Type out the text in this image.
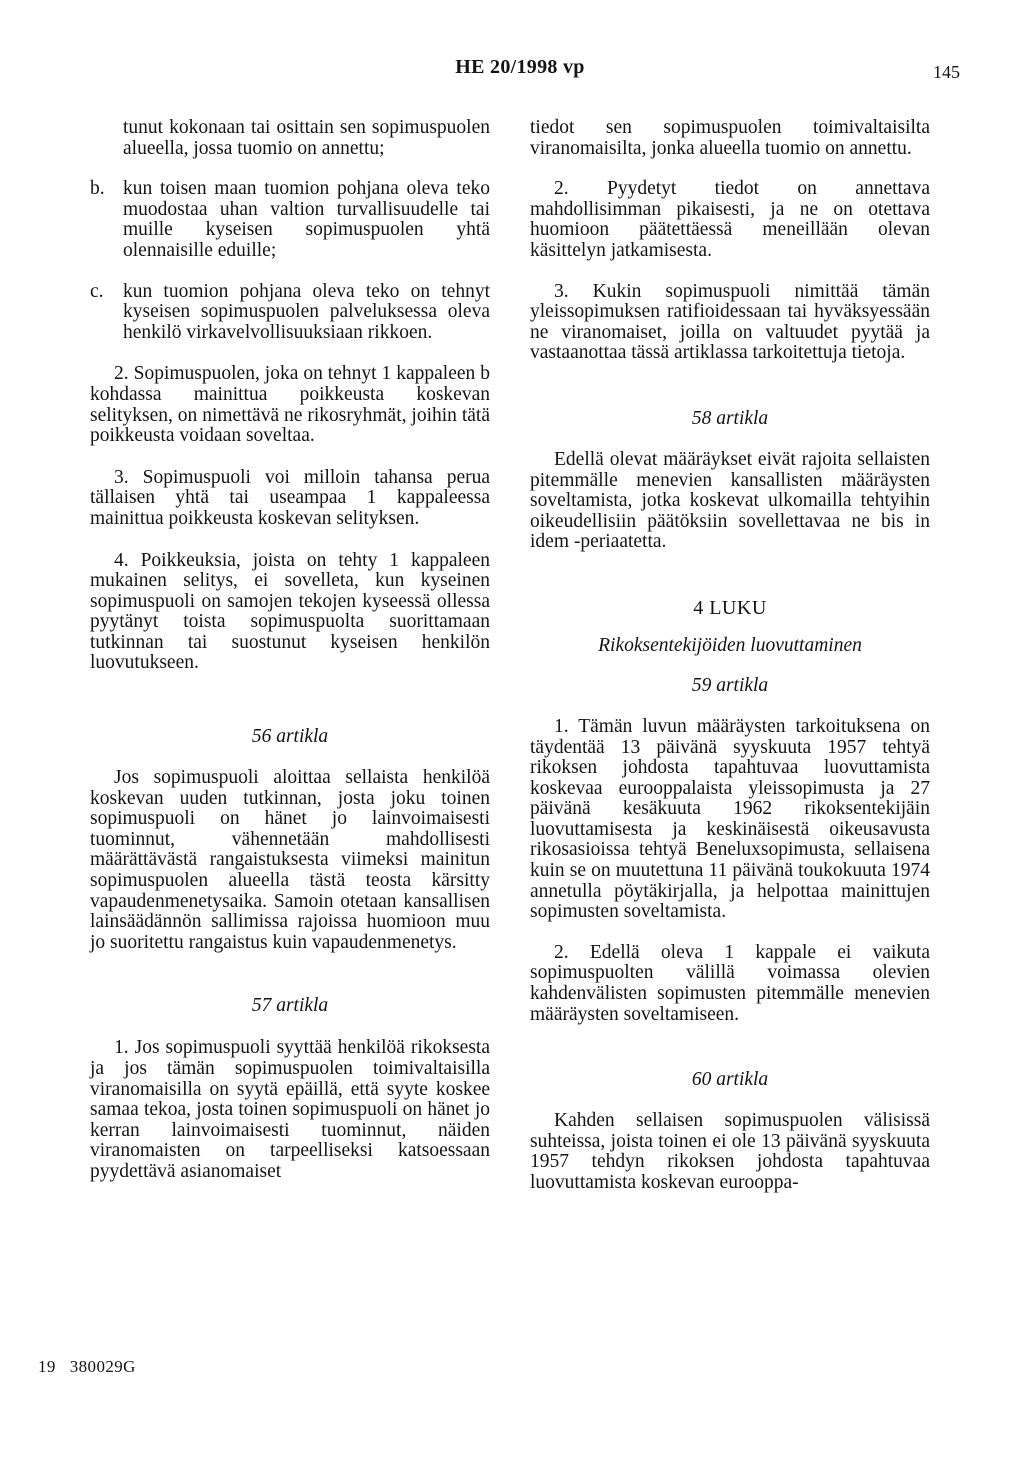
HE 20/1998 vp	145

tunut kokonaan tai osittain sen sopimuspuolen alueella, jossa tuomio on annettu;

b. kun toisen maan tuomion pohjana oleva teko muodostaa uhan valtion turvallisuudelle tai muille kyseisen sopimuspuolen yhtä olennaisille eduille;

c. kun tuomion pohjana oleva teko on tehnyt kyseisen sopimuspuolen palveluksessa oleva henkilö virkavelvollisuuksiaan rikkoen.

2. Sopimuspuolen, joka on tehnyt 1 kappaleen b kohdassa mainittua poikkeusta koskevan selityksen, on nimettävä ne rikosryhmät, joihin tätä poikkeusta voidaan soveltaa.

3. Sopimuspuoli voi milloin tahansa perua tällaisen yhtä tai useampaa 1 kappaleessa mainittua poikkeusta koskevan selityksen.

4. Poikkeuksia, joista on tehty 1 kappaleen mukainen selitys, ei sovelleta, kun kyseinen sopimuspuoli on samojen tekojen kyseessä ollessa pyytänyt toista sopimuspuolta suorittamaan tutkinnan tai suostunut kyseisen henkilön luovutukseen.

56 artikla

Jos sopimuspuoli aloittaa sellaista henkilöä koskevan uuden tutkinnan, josta joku toinen sopimuspuoli on hänet jo lainvoimaisesti tuominnut, vähennetään mahdollisesti määrättävästä rangaistuksesta viimeksi mainitun sopimuspuolen alueella tästä teosta kärsitty vapaudenmenetysaika. Samoin otetaan kansallisen lainsäädännön sallimissa rajoissa huomioon muu jo suoritettu rangaistus kuin vapaudenmenetys.

57 artikla

1. Jos sopimuspuoli syyttää henkilöä rikoksesta ja jos tämän sopimuspuolen toimivaltaisilla viranomaisilla on syytä epäillä, että syyte koskee samaa tekoa, josta toinen sopimuspuoli on hänet jo kerran lainvoimaisesti tuominnut, näiden viranomaisten on tarpeelliseksi katsoessaan pyydettävä asianomaiset

tiedot sen sopimuspuolen toimivaltaisilta viranomaisilta, jonka alueella tuomio on annettu.

2. Pyydetyt tiedot on annettava mahdollisimman pikaisesti, ja ne on otettava huomioon päätettäessä meneillään olevan käsittelyn jatkamisesta.

3. Kukin sopimuspuoli nimittää tämän yleissopimuksen ratifioidessaan tai hyväksyessään ne viranomaiset, joilla on valtuudet pyytää ja vastaanottaa tässä artiklassa tarkoitettuja tietoja.

58 artikla

Edellä olevat määräykset eivät rajoita sellaisten pitemmälle menevien kansallisten määräysten soveltamista, jotka koskevat ulkomailla tehtyihin oikeudellisiin päätöksiin sovellettavaa ne bis in idem -periaatetta.

4 LUKU

Rikoksentekijöiden luovuttaminen

59 artikla

1. Tämän luvun määräysten tarkoituksena on täydentää 13 päivänä syyskuuta 1957 tehtyä rikoksen johdosta tapahtuvaa luovuttamista koskevaa eurooppalaista yleissopimusta ja 27 päivänä kesäkuuta 1962 rikoksentekijäin luovuttamisesta ja keskinäisestä oikeusavusta rikosasioissa tehtyä Beneluxsopimusta, sellaisena kuin se on muutettuna 11 päivänä toukokuuta 1974 annetulla pöytäkirjalla, ja helpottaa mainittujen sopimusten soveltamista.

2. Edellä oleva 1 kappale ei vaikuta sopimuspuolten välillä voimassa olevien kahdenvälisten sopimusten pitemmälle menevien määräysten soveltamiseen.

60 artikla

Kahden sellaisen sopimuspuolen välisissä suhteissa, joista toinen ei ole 13 päivänä syyskuuta 1957 tehdyn rikoksen johdosta tapahtuvaa luovuttamista koskevan eurooppa-

19   380029G
